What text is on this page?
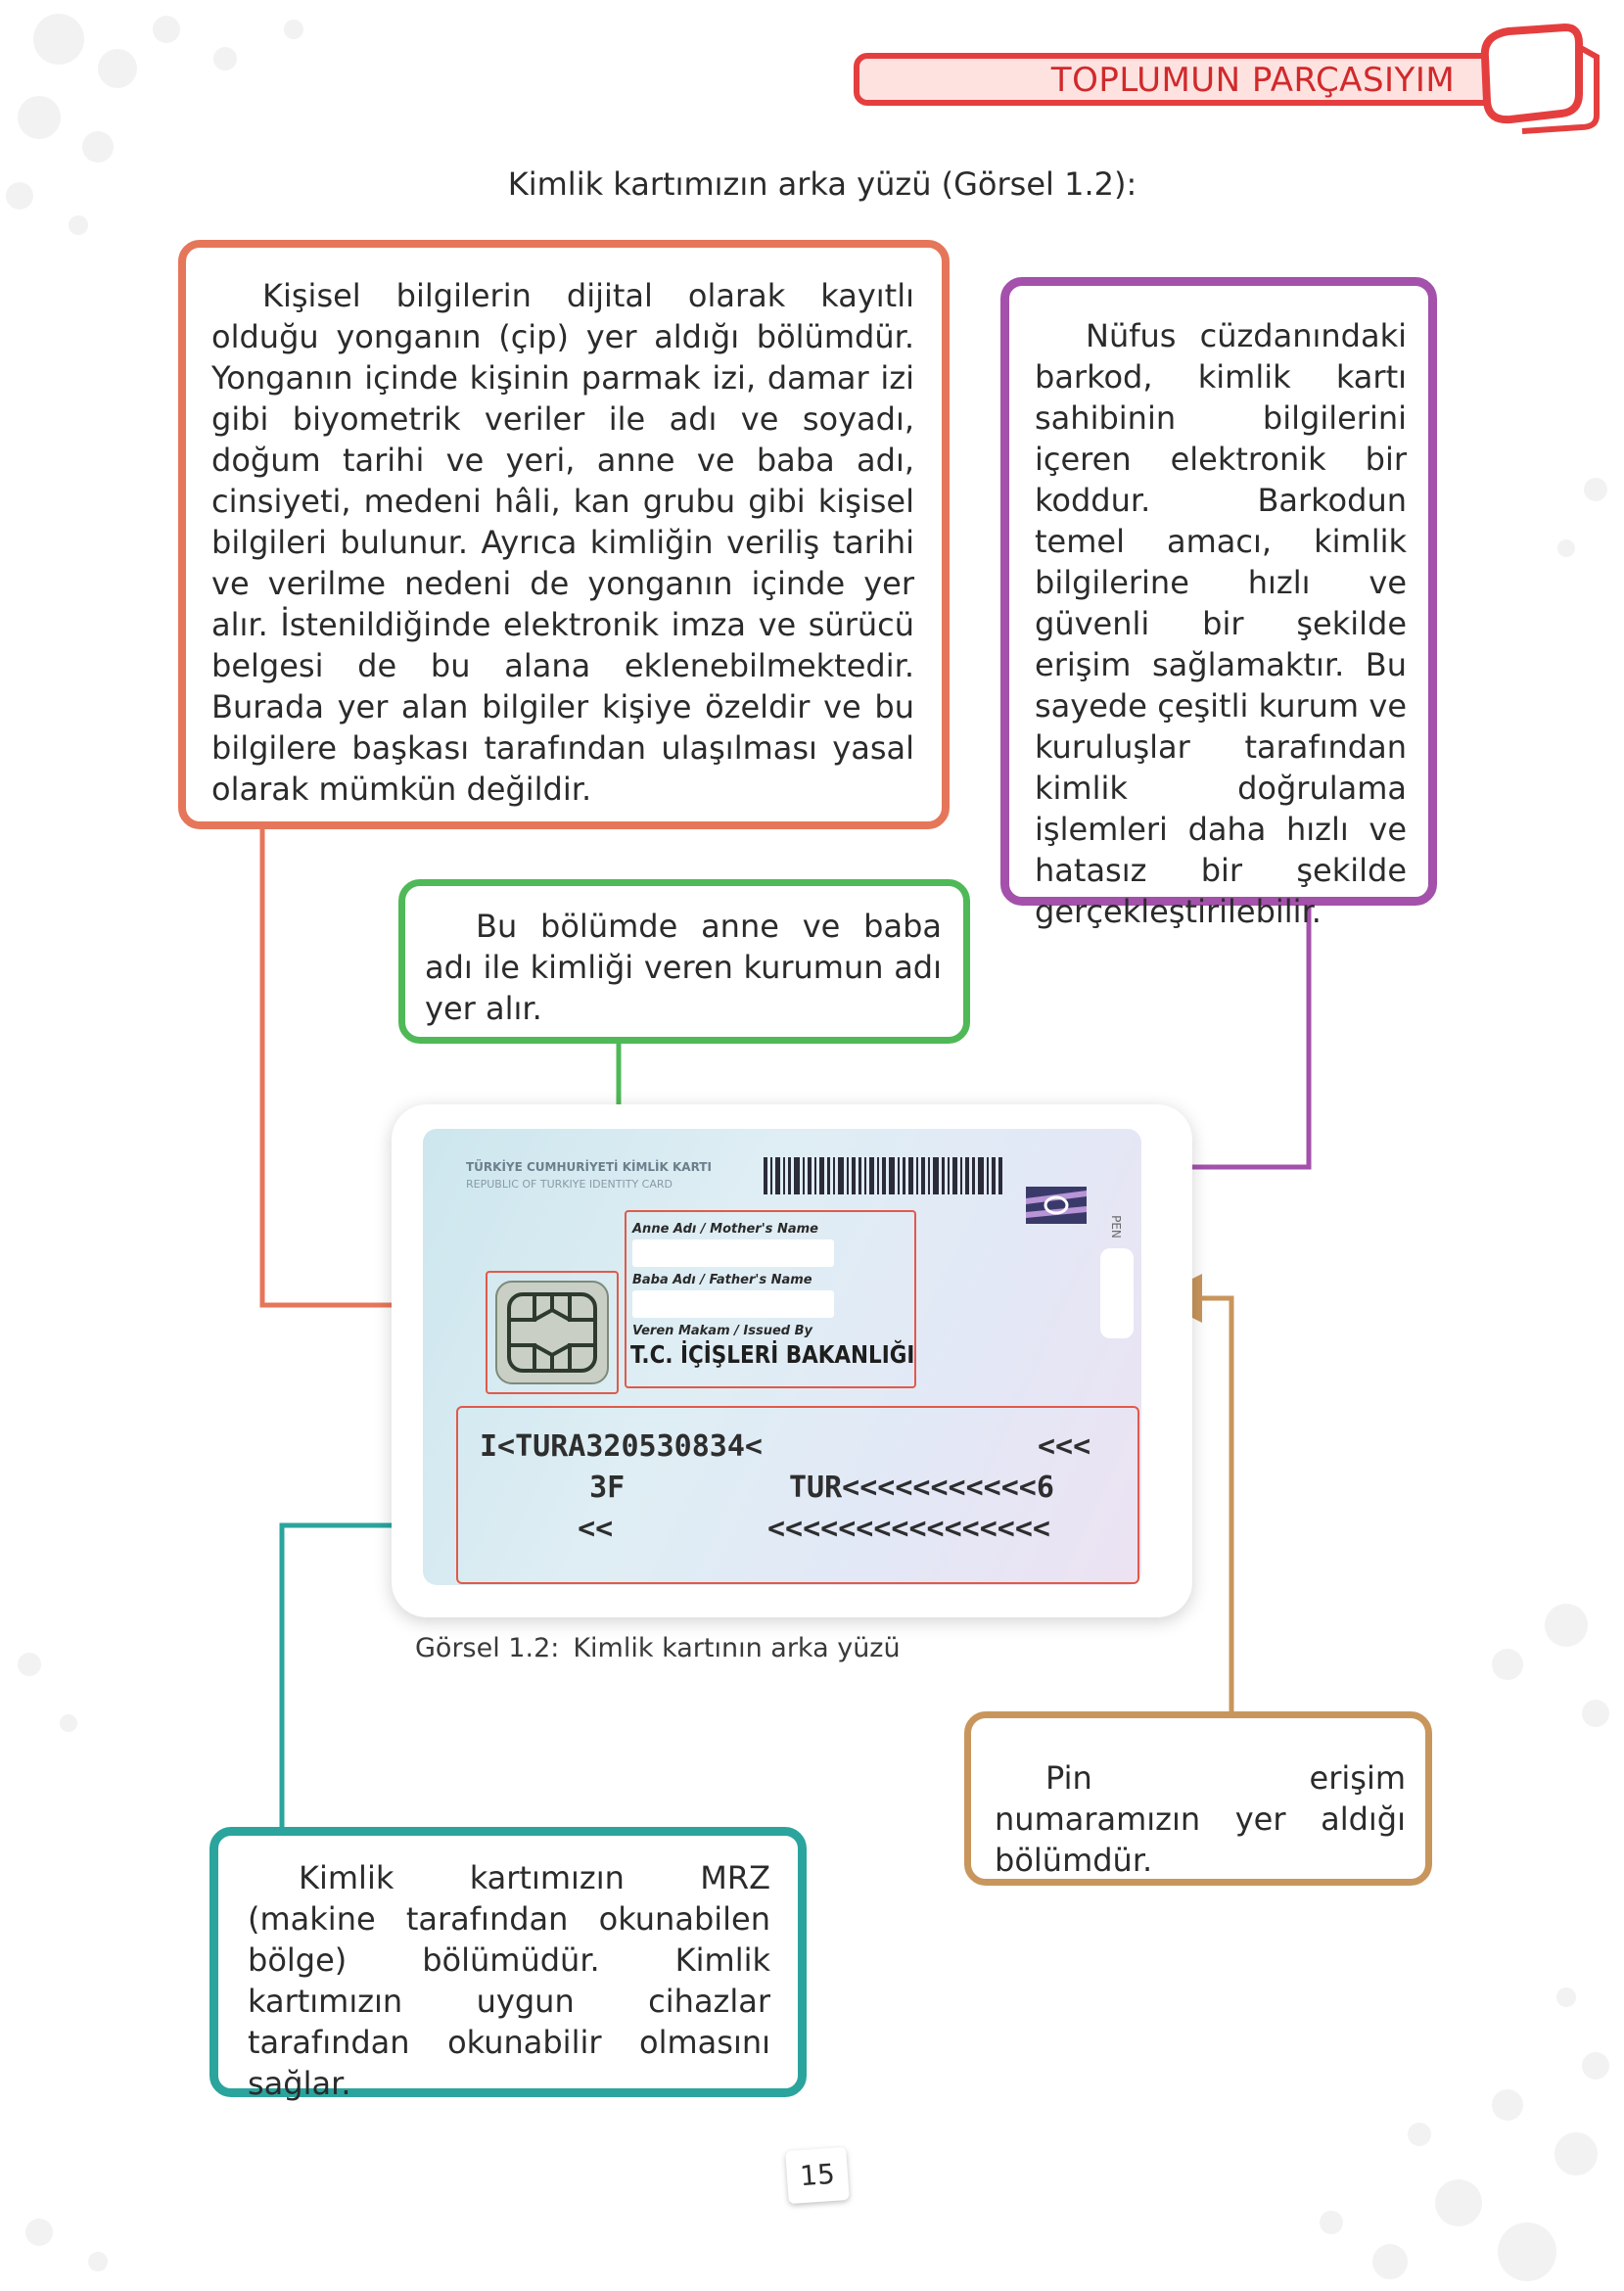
TOPLUMUN PARÇASIYIM
Kimlik kartımızın arka yüzü (Görsel 1.2):

Kişisel bilgilerin dijital olarak kayıtlı olduğu yonganın (çip) yer aldığı bölümdür. Yonganın içinde kişinin parmak izi, damar izi gibi biyometrik veriler ile adı ve soyadı, doğum tarihi ve yeri, anne ve baba adı, cinsiyeti, medeni hâli, kan grubu gibi kişisel bilgileri bulunur. Ayrıca kimliğin veriliş tarihi ve verilme nedeni de yonganın içinde yer alır. İstenildiğinde elektronik imza ve sürücü belgesi de bu alana eklenebilmektedir. Burada yer alan bilgiler kişiye özeldir ve bu bilgilere başkası tarafından ulaşılması yasal olarak mümkün değildir.

Nüfus cüzdanındaki barkod, kimlik kartı sahibinin bilgilerini içeren elektronik bir koddur. Barkodun temel amacı, kimlik bilgilerine hızlı ve güvenli bir şekilde erişim sağlamaktır. Bu sayede çeşitli kurum ve kuruluşlar tarafından kimlik doğrulama işlemleri daha hızlı ve hatasız bir şekilde gerçekleştirilebilir.

Bu bölümde anne ve baba adı ile kimliği veren kurumun adı yer alır.

Pin erişim numaramızın yer aldığı bölümdür.

Kimlik kartımızın MRZ (makine tarafından okunabilen bölge) bölümüdür. Kimlik kartımızın uygun cihazlar tarafından okunabilir olmasını sağlar.

TÜRKİYE CUMHURİYETİ KİMLİK KARTI
REPUBLIC OF TURKIYE IDENTITY CARD
PEN
Anne Adı / Mother's Name
Baba Adı / Father's Name
Veren Makam / Issued By
T.C. İÇİŞLERİ BAKANLIĞI
I<TURA320530834<	<<<
3F	TUR<<<<<<<<<<<6
<<	<<<<<<<<<<<<<<<<
Görsel 1.2: Kimlik kartının arka yüzü
15
